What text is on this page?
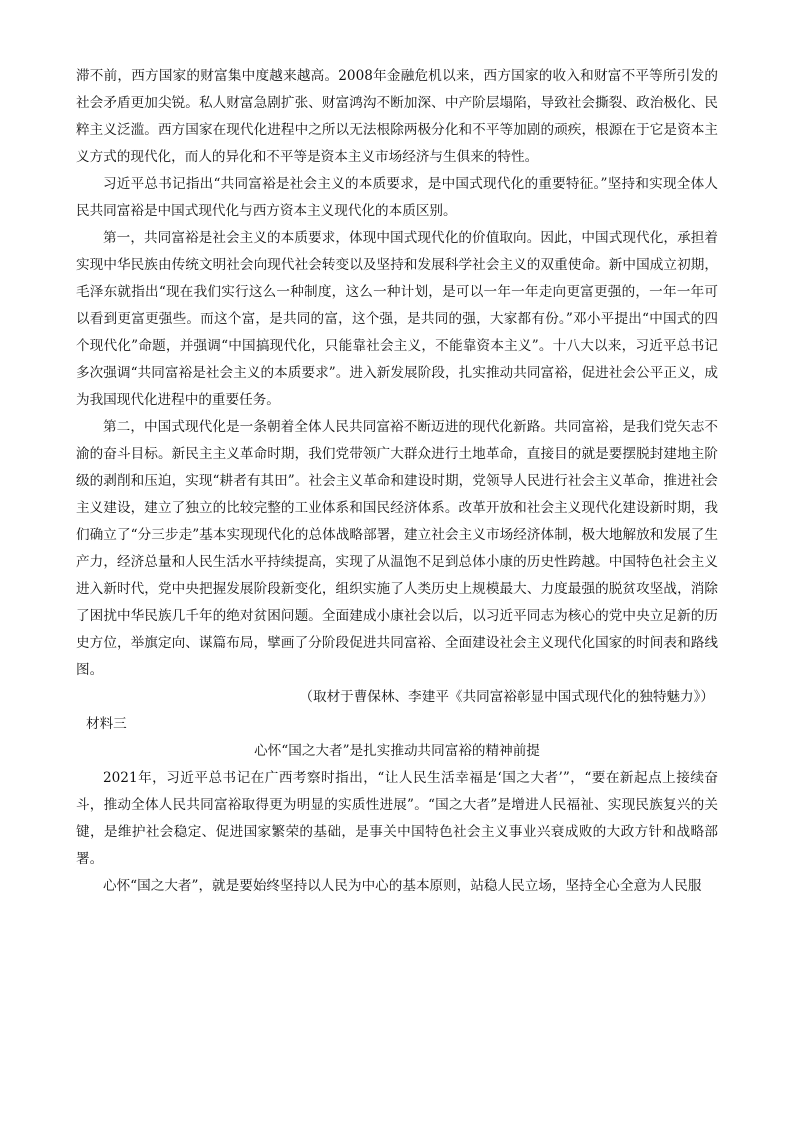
滞不前，西方国家的财富集中度越来越高。2008年金融危机以来，西方国家的收入和财富不平等所引发的社会矛盾更加尖锐。私人财富急剧扩张、财富鸿沟不断加深、中产阶层塌陷，导致社会撕裂、政治极化、民粹主义泛滥。西方国家在现代化进程中之所以无法根除两极分化和不平等加剧的顽疾，根源在于它是资本主义方式的现代化，而人的异化和不平等是资本主义市场经济与生俱来的特性。

习近平总书记指出“共同富裕是社会主义的本质要求，是中国式现代化的重要特征。”坚持和实现全体人民共同富裕是中国式现代化与西方资本主义现代化的本质区别。

第一，共同富裕是社会主义的本质要求，体现中国式现代化的价值取向。因此，中国式现代化，承担着实现中华民族由传统文明社会向现代社会转变以及坚持和发展科学社会主义的双重使命。新中国成立初期，毛泽东就指出“现在我们实行这么一种制度，这么一种计划，是可以一年一年走向更富更强的，一年一年可以看到更富更强些。而这个富，是共同的富，这个强，是共同的强，大家都有份。”邓小平提出“中国式的四个现代化”命题，并强调“中国搞现代化，只能靠社会主义，不能靠资本主义”。十八大以来，习近平总书记多次强调“共同富裕是社会主义的本质要求”。进入新发展阶段，扎实推动共同富裕，促进社会公平正义，成为我国现代化进程中的重要任务。

第二，中国式现代化是一条朝着全体人民共同富裕不断迈进的现代化新路。共同富裕，是我们党矢志不渝的奋斗目标。新民主主义革命时期，我们党带领广大群众进行土地革命，直接目的就是要摆脱封建地主阶级的剥削和压迫，实现“耕者有其田”。社会主义革命和建设时期，党领导人民进行社会主义革命，推进社会主义建设，建立了独立的比较完整的工业体系和国民经济体系。改革开放和社会主义现代化建设新时期，我们确立了“分三步走”基本实现现代化的总体战略部署，建立社会主义市场经济体制，极大地解放和发展了生产力，经济总量和人民生活水平持续提高，实现了从温饱不足到总体小康的历史性跨越。中国特色社会主义进入新时代，党中央把握发展阶段新变化，组织实施了人类历史上规模最大、力度最强的脱贫攻坚战，消除了困扰中华民族几千年的绝对贫困问题。全面建成小康社会以后，以习近平同志为核心的党中央立足新的历史方位，举旗定向、谋篇布局，擘画了分阶段促进共同富裕、全面建设社会主义现代化国家的时间表和路线图。

（取材于曹保林、李建平《共同富裕彰显中国式现代化的独特魅力》）

材料三

心怀“国之大者”是扎实推动共同富裕的精神前提

2021年，习近平总书记在广西考察时指出，“让人民生活幸福是‘国之大者’”，“要在新起点上接续奋斗，推动全体人民共同富裕取得更为明显的实质性进展”。“国之大者”是增进人民福祉、实现民族复兴的关键，是维护社会稳定、促进国家繁荣的基础，是事关中国特色社会主义事业兴衰成败的大政方针和战略部署。

心怀“国之大者”，就是要始终坚持以人民为中心的基本原则，站稳人民立场，坚持全心全意为人民服
